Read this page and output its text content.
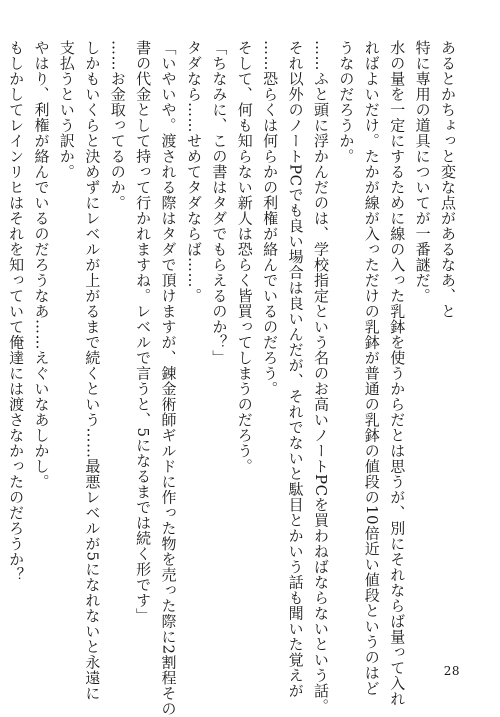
あるとかちょっと変な点があるなあ、と
特に専用の道具についてが一番謎だ。
水の量を一定にするために線の入った乳鉢を使うからだとは思うが、別にそれならば量って入れ
ればよいだけ。たかが線が入っただけの乳鉢が普通の乳鉢の値段の10倍近い値段というのはど
うなのだろうか。
……ふと頭に浮かんだのは、学校指定という名のお高いノートPCを買わねばならないという話。
それ以外のノートPCでも良い場合は良いんだが、それでないと駄目とかいう話も聞いた覚えが
……恐らくは何らかの利権が絡んでいるのだろう。
そして、何も知らない新人は恐らく皆買ってしまうのだろう。
「ちなみに、この書はタダでもらえるのか？」
タダなら……せめてタダならば……。
「いやいや。渡される際はタダで頂けますが、錬金術師ギルドに作った物を売った際に2割程その
書の代金として持って行かれますね。レベルで言うと、5になるまでは続く形です」
……お金取ってるのか。
しかもいくらと決めずにレベルが上がるまで続くという……最悪レベルが5になれないと永遠に
支払うという訳か。
やはり、利権が絡んでいるのだろうなあ……えぐいなあしかし。
もしかしてレインリヒはそれを知っていて俺達には渡さなかったのだろうか？
28
